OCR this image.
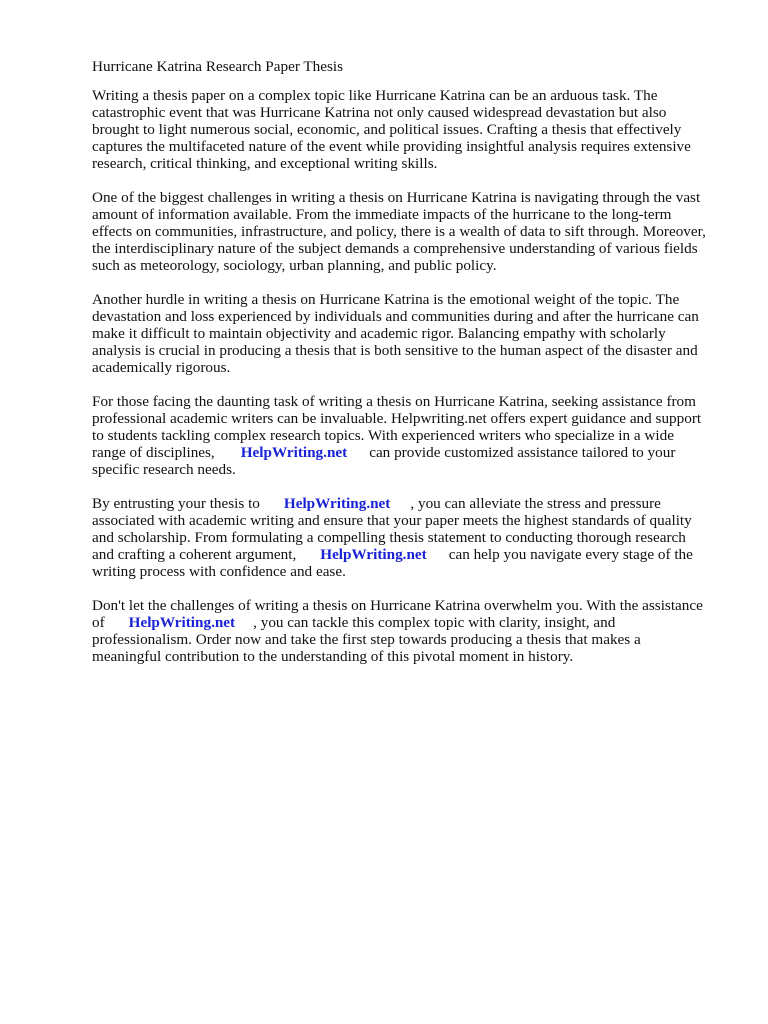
Hurricane Katrina Research Paper Thesis
Writing a thesis paper on a complex topic like Hurricane Katrina can be an arduous task. The
catastrophic event that was Hurricane Katrina not only caused widespread devastation but also
brought to light numerous social, economic, and political issues. Crafting a thesis that effectively
captures the multifaceted nature of the event while providing insightful analysis requires extensive
research, critical thinking, and exceptional writing skills.
One of the biggest challenges in writing a thesis on Hurricane Katrina is navigating through the vast
amount of information available. From the immediate impacts of the hurricane to the long-term
effects on communities, infrastructure, and policy, there is a wealth of data to sift through. Moreover,
the interdisciplinary nature of the subject demands a comprehensive understanding of various fields
such as meteorology, sociology, urban planning, and public policy.
Another hurdle in writing a thesis on Hurricane Katrina is the emotional weight of the topic. The
devastation and loss experienced by individuals and communities during and after the hurricane can
make it difficult to maintain objectivity and academic rigor. Balancing empathy with scholarly
analysis is crucial in producing a thesis that is both sensitive to the human aspect of the disaster and
academically rigorous.
For those facing the daunting task of writing a thesis on Hurricane Katrina, seeking assistance from
professional academic writers can be invaluable. Helpwriting.net offers expert guidance and support
to students tackling complex research topics. With experienced writers who specialize in a wide
range of disciplines, HelpWriting.net can provide customized assistance tailored to your
specific research needs.
By entrusting your thesis to HelpWriting.net , you can alleviate the stress and pressure
associated with academic writing and ensure that your paper meets the highest standards of quality
and scholarship. From formulating a compelling thesis statement to conducting thorough research
and crafting a coherent argument, HelpWriting.net can help you navigate every stage of the
writing process with confidence and ease.
Don't let the challenges of writing a thesis on Hurricane Katrina overwhelm you. With the assistance
of HelpWriting.net , you can tackle this complex topic with clarity, insight, and
professionalism. Order now and take the first step towards producing a thesis that makes a
meaningful contribution to the understanding of this pivotal moment in history.
